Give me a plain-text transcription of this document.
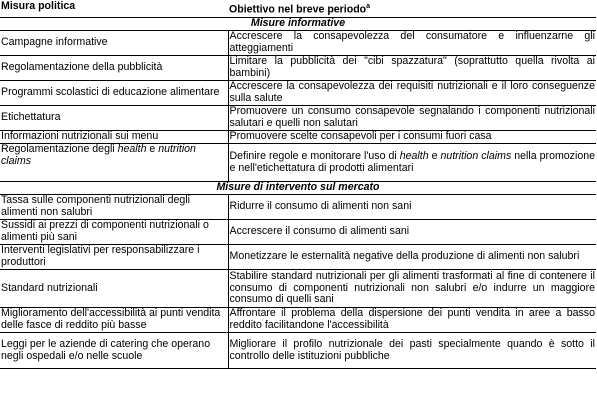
Misura politica	Obiettivo nel breve periodo$^a$
Misure informative	
Campagne informative	Accrescere la consapevolezza del consumatore e influenzarne gli atteggiamenti
Regolamentazione della pubblicità	Limitare la pubblicità dei "cibi spazzatura" (soprattutto quella rivolta ai bambini)
Programmi scolastici di educazione alimentare	Accrescere la consapevolezza dei requisiti nutrizionali e il loro conseguenze sulla salute
Etichettatura	Promuovere un consumo consapevole segnalando i componenti nutrizionali salutari e quelli non salutari
Informazioni nutrizionali sui menu	Promuovere scelte consapevoli per i consumi fuori casa
Regolamentazione degli health e nutrition claims	Definire regole e monitorare l'uso di health e nutrition claims nella promozione e nell'etichettatura di prodotti alimentari
Misure di intervento sul mercato	
Tassa sulle componenti nutrizionali degli alimenti non salubri	Ridurre il consumo di alimenti non sani
Sussidi ai prezzi di componenti nutrizionali o alimenti più sani	Accrescere il consumo di alimenti sani
Interventi legislativi per responsabilizzare i produttori	Monetizzare le esternalità negative della produzione di alimenti non salubri
Standard nutrizionali	Stabilire standard nutrizionali per gli alimenti trasformati al fine di contenere il consumo di componenti nutrizionali non salubri e/o indurre un maggiore consumo di quelli sani
Miglioramento dell'accessibilità ai punti vendita delle fasce di reddito più basse	Affrontare il problema della dispersione dei punti vendita in aree a basso reddito facilitandone l'accessibilità
Leggi per le aziende di catering che operano negli ospedali e/o nelle scuole	Migliorare il profilo nutrizionale dei pasti specialmente quando è sotto il controllo delle istituzioni pubbliche
